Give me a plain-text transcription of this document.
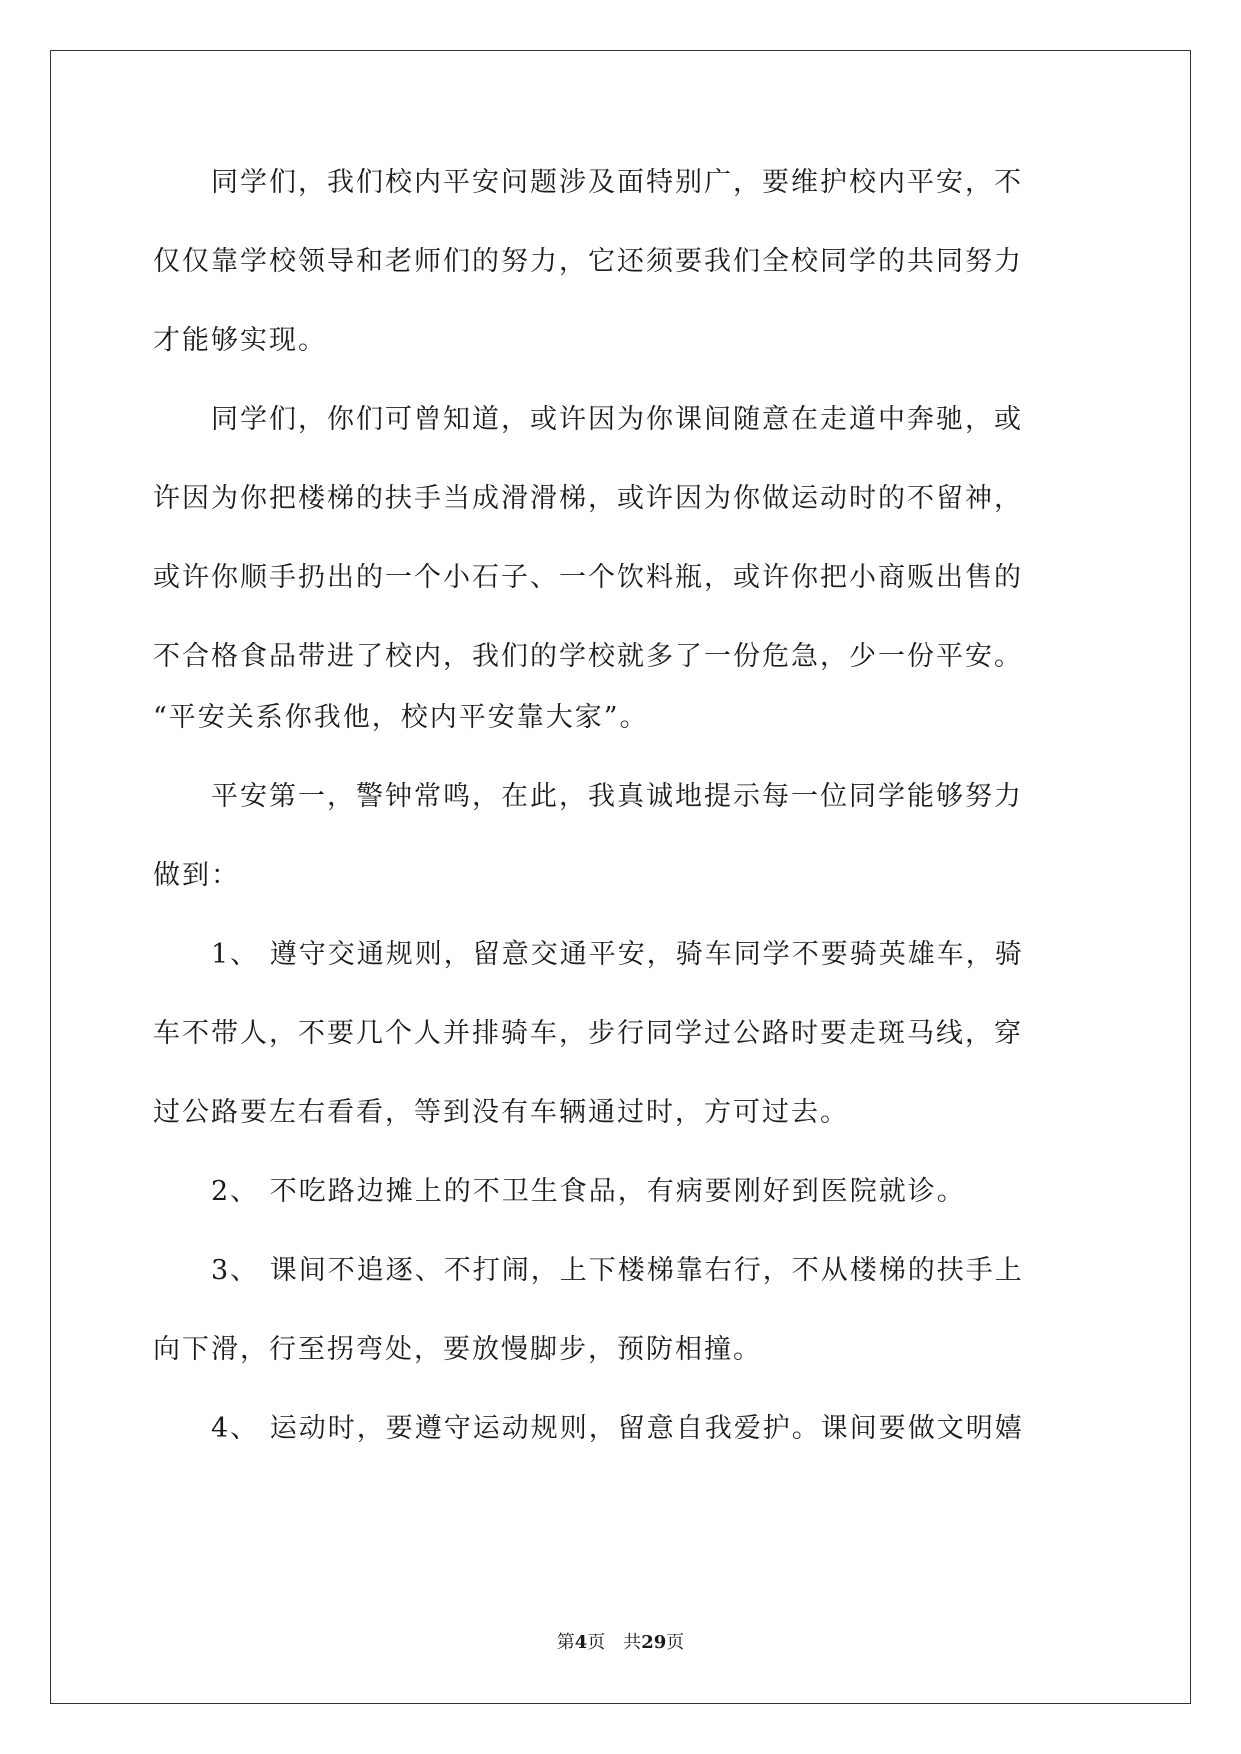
　　同学们，我们校内平安问题涉及面特别广，要维护校内平安，不
仅仅靠学校领导和老师们的努力，它还须要我们全校同学的共同努力
才能够实现。
　　同学们，你们可曾知道，或许因为你课间随意在走道中奔驰，或
许因为你把楼梯的扶手当成滑滑梯，或许因为你做运动时的不留神，
或许你顺手扔出的一个小石子、一个饮料瓶，或许你把小商贩出售的
不合格食品带进了校内，我们的学校就多了一份危急，少一份平安。
“平安关系你我他，校内平安靠大家”。
　　平安第一，警钟常鸣，在此，我真诚地提示每一位同学能够努力
做到：
　　1、 遵守交通规则，留意交通平安，骑车同学不要骑英雄车，骑
车不带人，不要几个人并排骑车，步行同学过公路时要走斑马线，穿
过公路要左右看看，等到没有车辆通过时，方可过去。
　　2、 不吃路边摊上的不卫生食品，有病要刚好到医院就诊。
　　3、 课间不追逐、不打闹，上下楼梯靠右行，不从楼梯的扶手上
向下滑，行至拐弯处，要放慢脚步，预防相撞。
　　4、 运动时，要遵守运动规则，留意自我爱护。课间要做文明嬉
第4页　共29页
